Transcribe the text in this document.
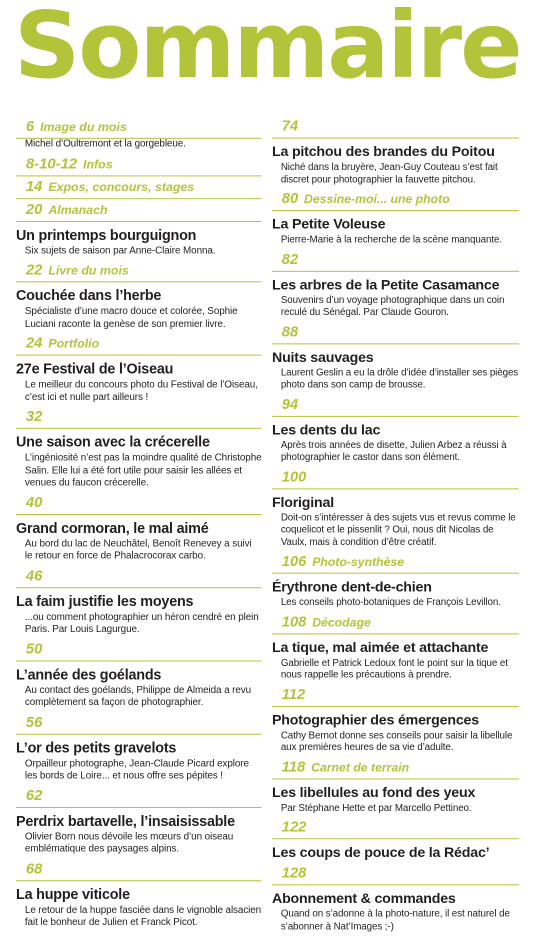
Sommaire
6 Image du mois
Michel d’Oultremont et la gorgebleue.
8-10-12 Infos
14 Expos, concours, stages
20 Almanach
Un printemps bourguignon
Six sujets de saison par Anne-Claire Monna.
22 Livre du mois
Couchée dans l’herbe
Spécialiste d’une macro douce et colorée, Sophie Luciani raconte la genèse de son premier livre.
24 Portfolio
27e Festival de l’Oiseau
Le meilleur du concours photo du Festival de l’Oiseau, c’est ici et nulle part ailleurs !
32
Une saison avec la crécerelle
L’ingéniosité n’est pas la moindre qualité de Christophe Salin. Elle lui a été fort utile pour saisir les allées et venues du faucon crécerelle.
40
Grand cormoran, le mal aimé
Au bord du lac de Neuchâtel, Benoît Renevey a suivi le retour en force de Phalacrocorax carbo.
46
La faim justifie les moyens
...ou comment photographier un héron cendré en plein Paris. Par Louis Lagurgue.
50
L’année des goélands
Au contact des goélands, Philippe de Almeida a revu complètement sa façon de photographier.
56
L’or des petits gravelots
Orpailleur photographe, Jean-Claude Picard explore les bords de Loire... et nous offre ses pépites !
62
Perdrix bartavelle, l’insaisissable
Olivier Born nous dévoile les mœurs d’un oiseau emblématique des paysages alpins.
68
La huppe viticole
Le retour de la huppe fasciée dans le vignoble alsacien fait le bonheur de Julien et Franck Picot.
74
La pitchou des brandes du Poitou
Niché dans la bruyère, Jean-Guy Couteau s’est fait discret pour photographier la fauvette pitchou.
80 Dessine-moi... une photo
La Petite Voleuse
Pierre-Marie à la recherche de la scène manquante.
82
Les arbres de la Petite Casamance
Souvenirs d’un voyage photographique dans un coin reculé du Sénégal. Par Claude Gouron.
88
Nuits sauvages
Laurent Geslin a eu la drôle d’idée d’installer ses pièges photo dans son camp de brousse.
94
Les dents du lac
Après trois années de disette, Julien Arbez a réussi à photographier le castor dans son élément.
100
Floriginal
Doit-on s’intéresser à des sujets vus et revus comme le coquelicot et le pissenlit ? Oui, nous dit Nicolas de Vaulx, mais à condition d’être créatif.
106 Photo-synthèse
Érythrone dent-de-chien
Les conseils photo-botaniques de François Levillon.
108 Décodage
La tique, mal aimée et attachante
Gabrielle et Patrick Ledoux font le point sur la tique et nous rappelle les précautions à prendre.
112
Photographier des émergences
Cathy Bernot donne ses conseils pour saisir la libellule aux premières heures de sa vie d’adulte.
118 Carnet de terrain
Les libellules au fond des yeux
Par Stéphane Hette et par Marcello Pettineo.
122
Les coups de pouce de la Rédac’
128
Abonnement & commandes
Quand on s’adonne à la photo-nature, il est naturel de s’abonner à Nat’Images ;-)
